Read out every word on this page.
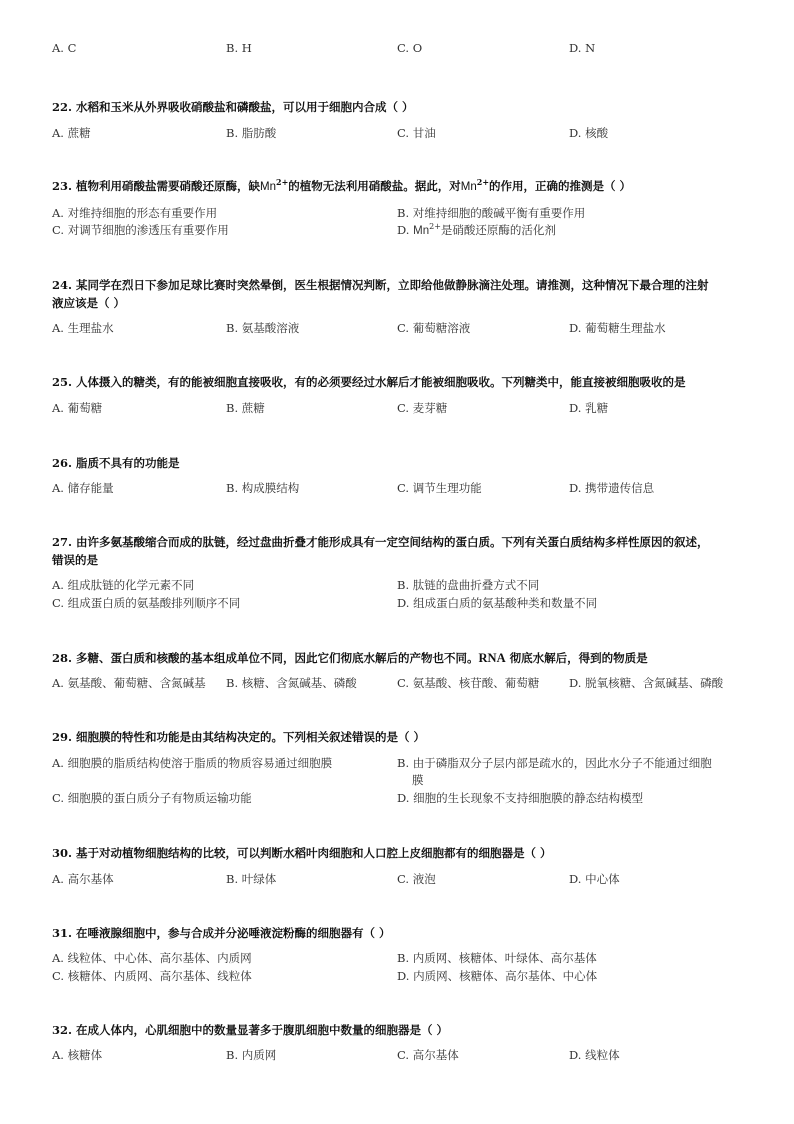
A. C	B. H	C. O	D. N
22. 水稻和玉米从外界吸收硝酸盐和磷酸盐，可以用于细胞内合成（ ）
A. 蔗糖	B. 脂肪酸	C. 甘油	D. 核酸
23. 植物利用硝酸盐需要硝酸还原酶，缺$Mn^{2+}$的植物无法利用硝酸盐。据此，对$Mn^{2+}$的作用，正确的推测是（ ）
A. 对维持细胞的形态有重要作用	B. 对维持细胞的酸碱平衡有重要作用
C. 对调节细胞的渗透压有重要作用	D. $Mn^{2+}$是硝酸还原酶的活化剂
24. 某同学在烈日下参加足球比赛时突然晕倒，医生根据情况判断，立即给他做静脉滴注处理。请推测，这种情况下最合理的注射
液应该是（ ）
A. 生理盐水	B. 氨基酸溶液	C. 葡萄糖溶液	D. 葡萄糖生理盐水
25. 人体摄入的糖类，有的能被细胞直接吸收，有的必须要经过水解后才能被细胞吸收。下列糖类中，能直接被细胞吸收的是
A. 葡萄糖	B. 蔗糖	C. 麦芽糖	D. 乳糖
26. 脂质不具有的功能是
A. 储存能量	B. 构成膜结构	C. 调节生理功能	D. 携带遗传信息
27. 由许多氨基酸缩合而成的肽链，经过盘曲折叠才能形成具有一定空间结构的蛋白质。下列有关蛋白质结构多样性原因的叙述，
错误的是
A. 组成肽链的化学元素不同	B. 肽链的盘曲折叠方式不同
C. 组成蛋白质的氨基酸排列顺序不同	D. 组成蛋白质的氨基酸种类和数量不同
28. 多糖、蛋白质和核酸的基本组成单位不同，因此它们彻底水解后的产物也不同。RNA 彻底水解后，得到的物质是
A. 氨基酸、葡萄糖、含氮碱基 B. 核糖、含氮碱基、磷酸	C. 氨基酸、核苷酸、葡萄糖	D. 脱氧核糖、含氮碱基、磷酸
29. 细胞膜的特性和功能是由其结构决定的。下列相关叙述错误的是（ ）
A. 细胞膜的脂质结构使溶于脂质的物质容易通过细胞膜	B. 由于磷脂双分子层内部是疏水的，因此水分子不能通过细胞
膜
C. 细胞膜的蛋白质分子有物质运输功能	D. 细胞的生长现象不支持细胞膜的静态结构模型
30. 基于对动植物细胞结构的比较，可以判断水稻叶肉细胞和人口腔上皮细胞都有的细胞器是（ ）
A. 高尔基体	B. 叶绿体	C. 液泡	D. 中心体
31. 在唾液腺细胞中，参与合成并分泌唾液淀粉酶的细胞器有（ ）
A. 线粒体、中心体、高尔基体、内质网	B. 内质网、核糖体、叶绿体、高尔基体
C. 核糖体、内质网、高尔基体、线粒体	D. 内质网、核糖体、高尔基体、中心体
32. 在成人体内，心肌细胞中的数量显著多于腹肌细胞中数量的细胞器是（ ）
A. 核糖体	B. 内质网	C. 高尔基体	D. 线粒体
